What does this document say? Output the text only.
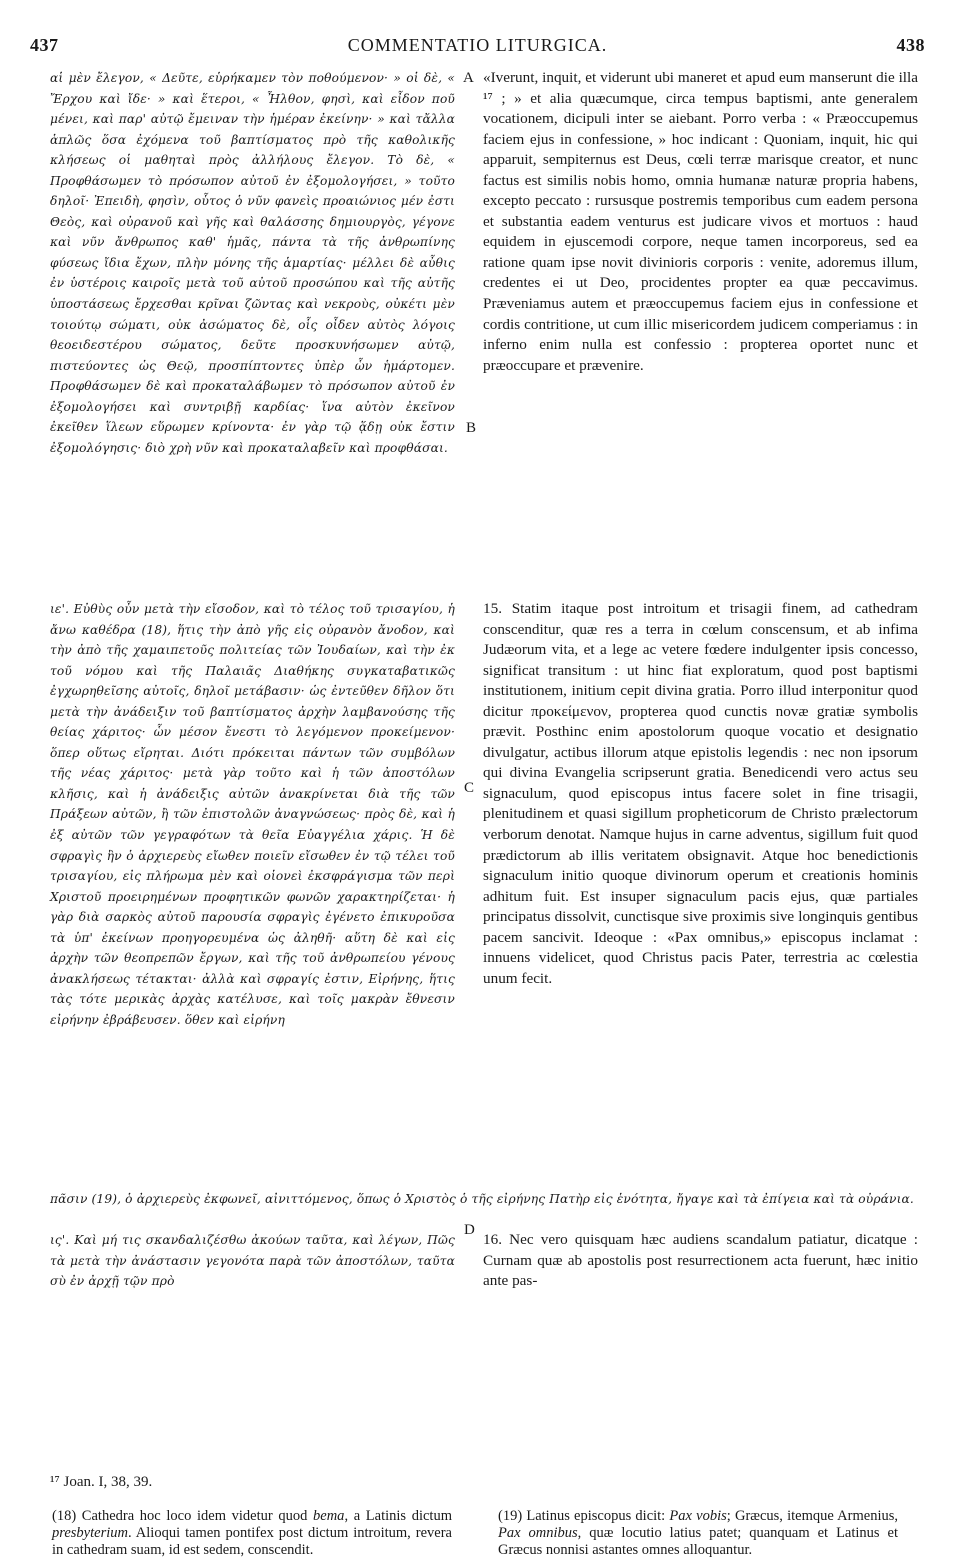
437	COMMENTATIO LITURGICA.	438
αἱ μὲν ἔλεγον, « Δεῦτε, εὑρήκαμεν τὸν ποθούμενον· » οἱ δὲ, « Ἔρχου καὶ ἴδε· » καὶ ἕτεροι, « Ἦλθον, φησὶ, καὶ εἶδον ποῦ μένει, καὶ παρ' αὐτῷ ἔμειναν τὴν ἡμέραν ἐκείνην· » καὶ τἄλλα ἁπλῶς ὅσα ἐχόμενα τοῦ βαπτίσματος πρὸ τῆς καθολικῆς κλήσεως οἱ μαθηταὶ πρὸς ἀλλήλους ἔλεγον. Τὸ δὲ, « Προφθάσωμεν τὸ πρόσωπον αὐτοῦ ἐν ἐξομολογήσει, » τοῦτο δηλοῖ· Ἐπειδὴ, φησὶν, οὗτος ὁ νῦν φανεὶς προαιώνιος μέν ἐστι Θεὸς, καὶ οὐρανοῦ καὶ γῆς καὶ θαλάσσης δημιουργὸς, γέγονε καὶ νῦν ἄνθρωπος καθ' ἡμᾶς, πάντα τὰ τῆς ἀνθρωπίνης φύσεως ἴδια ἔχων, πλὴν μόνης τῆς ἁμαρτίας· μέλλει δὲ αὖθις ἐν ὑστέροις καιροῖς μετὰ τοῦ αὐτοῦ προσώπου καὶ τῆς αὐτῆς ὑποστάσεως ἔρχεσθαι κρῖναι ζῶντας καὶ νεκροὺς, οὐκέτι μὲν τοιούτῳ σώματι, οὐκ ἀσώματος δὲ, οἷς οἶδεν αὐτὸς λόγοις θεοειδεστέρου σώματος, δεῦτε προσκυνήσωμεν αὐτῷ, πιστεύοντες ὡς Θεῷ, προσπίπτοντες ὑπὲρ ὧν ἡμάρτομεν. Προφθάσωμεν δὲ καὶ προκαταλάβωμεν τὸ πρόσωπον αὐτοῦ ἐν ἐξομολογήσει καὶ συντριβῇ καρδίας· ἵνα αὐτὸν ἐκεῖνον ἐκεῖθεν ἵλεων εὕρωμεν κρίνοντα· ἐν γὰρ τῷ ᾅδῃ οὐκ ἔστιν ἐξομολόγησις· διὸ χρὴ νῦν καὶ προκαταλαβεῖν καὶ προφθάσαι.
«Iverunt, inquit, et viderunt ubi maneret et apud eum manserunt die illa ¹⁷ ; » et alia quæcumque, circa tempus baptismi, ante generalem vocationem, dicipuli inter se aiebant. Porro verba : « Præoccupemus faciem ejus in confessione, » hoc indicant : Quoniam, inquit, hic qui apparuit, sempiternus est Deus, cœli terræ marisque creator, et nunc factus est similis nobis homo, omnia humanæ naturæ propria habens, excepto peccato : rursusque postremis temporibus cum eadem persona et substantia eadem venturus est judicare vivos et mortuos : haud equidem in ejuscemodi corpore, neque tamen incorporeus, sed ea ratione quam ipse novit divinioris corporis : venite, adoremus illum, credentes ei ut Deo, procidentes propter ea quæ peccavimus. Præveniamus autem et præoccupemus faciem ejus in confessione et cordis contritione, ut cum illic misericordem judicem comperiamus : in inferno enim nulla est confessio : propterea oportet nunc et præoccupare et prævenire.
A
B
C
D
ιε'. Εὐθὺς οὖν μετὰ τὴν εἴσοδον, καὶ τὸ τέλος τοῦ τρισαγίου, ἡ ἄνω καθέδρα (18), ἥτις τὴν ἀπὸ γῆς εἰς οὐρανὸν ἄνοδον, καὶ τὴν ἀπὸ τῆς χαμαιπετοῦς πολιτείας τῶν Ἰουδαίων, καὶ τὴν ἐκ τοῦ νόμου καὶ τῆς Παλαιᾶς Διαθήκης συγκαταβατικῶς ἐγχωρηθεῖσης αὐτοῖς, δηλοῖ μετάβασιν· ὡς ἐντεῦθεν δῆλον ὅτι μετὰ τὴν ἀνάδειξιν τοῦ βαπτίσματος ἀρχὴν λαμβανούσης τῆς θείας χάριτος· ὧν μέσον ἔνεστι τὸ λεγόμενον προκείμενον· ὅπερ οὕτως εἴρηται. Διότι πρόκειται πάντων τῶν συμβόλων τῆς νέας χάριτος· μετὰ γὰρ τοῦτο καὶ ἡ τῶν ἀποστόλων κλῆσις, καὶ ἡ ἀνάδειξις αὐτῶν ἀνακρίνεται διὰ τῆς τῶν Πράξεων αὐτῶν, ἢ τῶν ἐπιστολῶν ἀναγνώσεως· πρὸς δὲ, καὶ ἡ ἐξ αὐτῶν τῶν γεγραφότων τὰ θεῖα Εὐαγγέλια χάρις. Ἡ δὲ σφραγὶς ἣν ὁ ἀρχιερεὺς εἴωθεν ποιεῖν εἴσωθεν ἐν τῷ τέλει τοῦ τρισαγίου, εἰς πλήρωμα μὲν καὶ οἱονεὶ ἐκσφράγισμα τῶν περὶ Χριστοῦ προειρημένων προφητικῶν φωνῶν χαρακτηρίζεται· ἡ γὰρ διὰ σαρκὸς αὐτοῦ παρουσία σφραγὶς ἐγένετο ἐπικυροῦσα τὰ ὑπ' ἐκείνων προηγορευμένα ὡς ἀληθῆ· αὕτη δὲ καὶ εἰς ἀρχὴν τῶν θεοπρεπῶν ἔργων, καὶ τῆς τοῦ ἀνθρωπείου γένους ἀνακλήσεως τέτακται· ἀλλὰ καὶ σφραγίς ἐστιν, Εἰρήνης, ἥτις τὰς τότε μερικὰς ἀρχὰς κατέλυσε, καὶ τοῖς μακρὰν ἔθνεσιν εἰρήνην ἐβράβευσεν. ὅθεν καὶ εἰρήνη
15. Statim itaque post introitum et trisagii finem, ad cathedram conscenditur, quæ res a terra in cœlum conscensum, et ab infima Judæorum vita, et a lege ac vetere fœdere indulgenter ipsis concesso, significat transitum : ut hinc fiat exploratum, quod post baptismi institutionem, initium cepit divina gratia. Porro illud interponitur quod dicitur προκείμενον, propterea quod cunctis novæ gratiæ symbolis prævit. Posthinc enim apostolorum quoque vocatio et designatio divulgatur, actibus illorum atque epistolis legendis : nec non ipsorum qui divina Evangelia scripserunt gratia. Benedicendi vero actus seu signaculum, quod episcopus intus facere solet in fine trisagii, plenitudinem et quasi sigillum propheticorum de Christo prælectorum verborum denotat. Namque hujus in carne adventus, sigillum fuit quod prædictorum ab illis veritatem obsignavit. Atque hoc benedictionis signaculum initio quoque divinorum operum et creationis hominis adhitum fuit. Est insuper signaculum pacis ejus, quæ partiales principatus dissolvit, cunctisque sive proximis sive longinquis gentibus pacem sancivit. Ideoque : «Pax omnibus,» episcopus inclamat : innuens videlicet, quod Christus pacis Pater, terrestria ac cœlestia unum fecit.
πᾶσιν (19), ὁ ἀρχιερεὺς ἐκφωνεῖ, αἰνιττόμενος, ὅπως ὁ Χριστὸς ὁ τῆς εἰρήνης Πατὴρ εἰς ἑνότητα, ἤγαγε καὶ τὰ ἐπίγεια καὶ τὰ οὐράνια.
ις'. Καὶ μή τις σκανδαλιζέσθω ἀκούων ταῦτα, καὶ λέγων, Πῶς τὰ μετὰ τὴν ἀνάστασιν γεγονότα παρὰ τῶν ἀποστόλων, ταῦτα σὺ ἐν ἀρχῇ τῷν πρὸ
16. Nec vero quisquam hæc audiens scandalum patiatur, dicatque : Curnam quæ ab apostolis post resurrectionem acta fuerunt, hæc initio ante pas-
¹⁷ Joan. I, 38, 39.
(18) Cathedra hoc loco idem videtur quod bema, a Latinis dictum presbyterium. Alioqui tamen pontifex post dictum introitum, revera in cathedram suam, id est sedem, conscendit.
(19) Latinus episcopus dicit: Pax vobis; Græcus, itemque Armenius, Pax omnibus, quæ locutio latius patet; quanquam et Latinus et Græcus nonnisi astantes omnes alloquantur.
